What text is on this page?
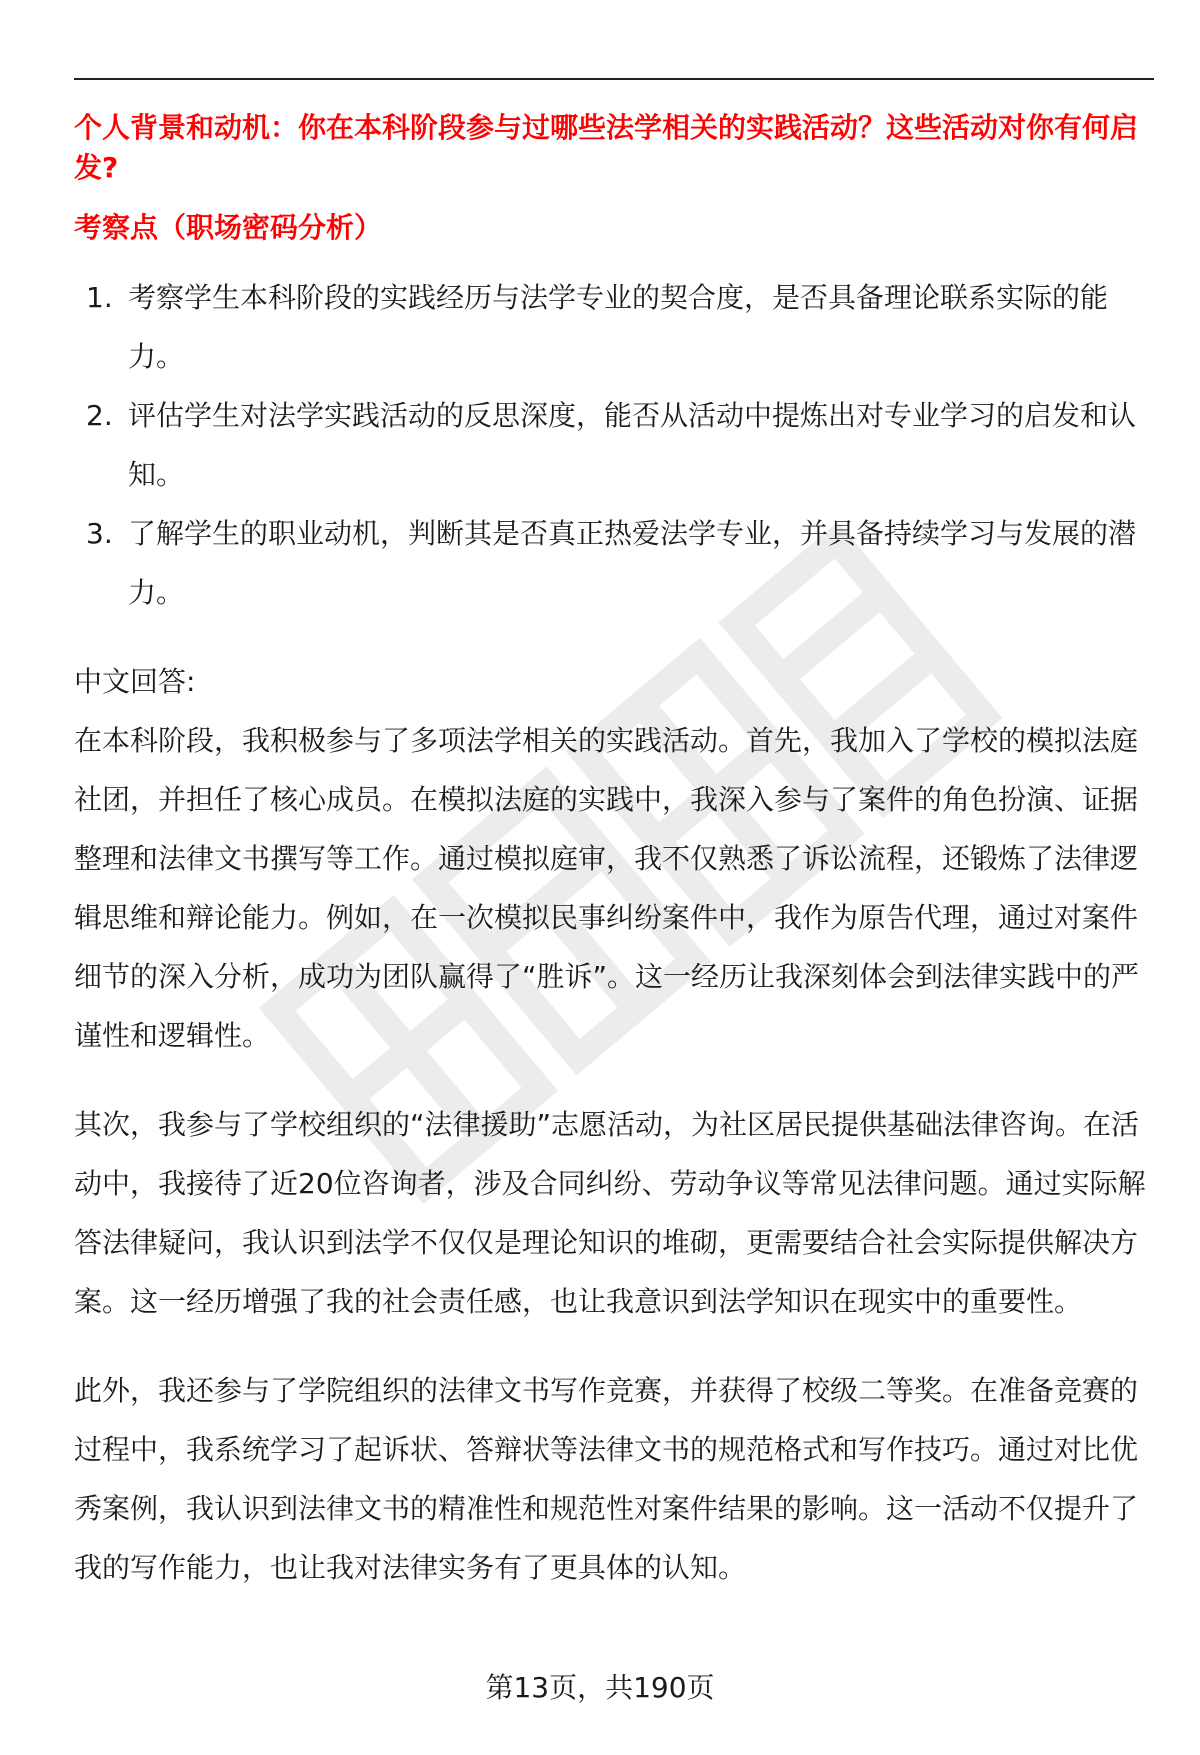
个人背景和动机：你在本科阶段参与过哪些法学相关的实践活动？这些活动对你有何启发?

考察点（职场密码分析）

1. 考察学生本科阶段的实践经历与法学专业的契合度，是否具备理论联系实际的能力。
2. 评估学生对法学实践活动的反思深度，能否从活动中提炼出对专业学习的启发和认知。
3. 了解学生的职业动机，判断其是否真正热爱法学专业，并具备持续学习与发展的潜力。

中文回答:

在本科阶段，我积极参与了多项法学相关的实践活动。首先，我加入了学校的模拟法庭社团，并担任了核心成员。在模拟法庭的实践中，我深入参与了案件的角色扮演、证据整理和法律文书撰写等工作。通过模拟庭审，我不仅熟悉了诉讼流程，还锻炼了法律逻辑思维和辩论能力。例如，在一次模拟民事纠纷案件中，我作为原告代理，通过对案件细节的深入分析，成功为团队赢得了“胜诉”。这一经历让我深刻体会到法律实践中的严谨性和逻辑性。

其次，我参与了学校组织的“法律援助”志愿活动，为社区居民提供基础法律咨询。在活动中，我接待了近20位咨询者，涉及合同纠纷、劳动争议等常见法律问题。通过实际解答法律疑问，我认识到法学不仅仅是理论知识的堆砌，更需要结合社会实际提供解决方案。这一经历增强了我的社会责任感，也让我意识到法学知识在现实中的重要性。

此外，我还参与了学院组织的法律文书写作竞赛，并获得了校级二等奖。在准备竞赛的过程中，我系统学习了起诉状、答辩状等法律文书的规范格式和写作技巧。通过对比优秀案例，我认识到法律文书的精准性和规范性对案件结果的影响。这一活动不仅提升了我的写作能力，也让我对法律实务有了更具体的认知。

第13页，共190页
